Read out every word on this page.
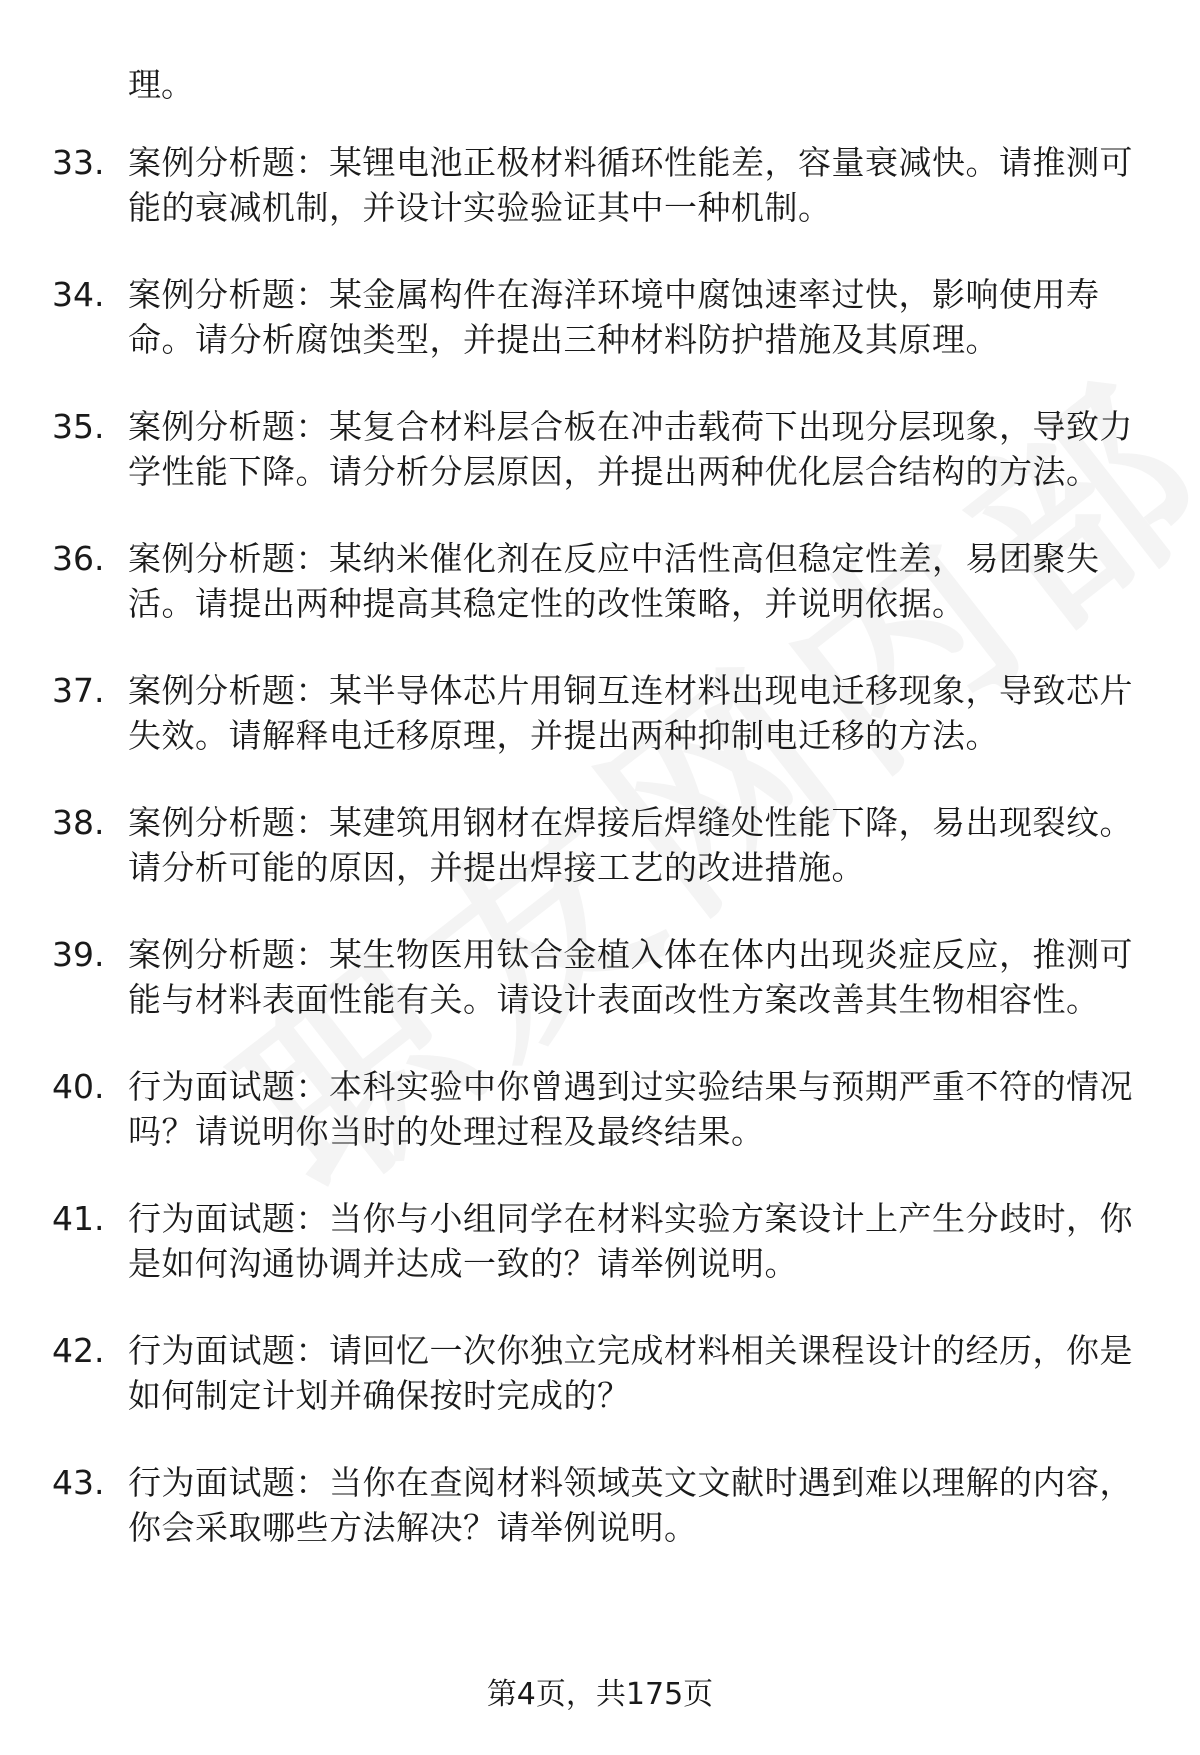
理。
33. 案例分析题：某锂电池正极材料循环性能差，容量衰减快。请推测可能的衰减机制，并设计实验验证其中一种机制。
34. 案例分析题：某金属构件在海洋环境中腐蚀速率过快，影响使用寿命。请分析腐蚀类型，并提出三种材料防护措施及其原理。
35. 案例分析题：某复合材料层合板在冲击载荷下出现分层现象，导致力学性能下降。请分析分层原因，并提出两种优化层合结构的方法。
36. 案例分析题：某纳米催化剂在反应中活性高但稳定性差，易团聚失活。请提出两种提高其稳定性的改性策略，并说明依据。
37. 案例分析题：某半导体芯片用铜互连材料出现电迁移现象，导致芯片失效。请解释电迁移原理，并提出两种抑制电迁移的方法。
38. 案例分析题：某建筑用钢材在焊接后焊缝处性能下降，易出现裂纹。请分析可能的原因，并提出焊接工艺的改进措施。
39. 案例分析题：某生物医用钛合金植入体在体内出现炎症反应，推测可能与材料表面性能有关。请设计表面改性方案改善其生物相容性。
40. 行为面试题：本科实验中你曾遇到过实验结果与预期严重不符的情况吗？请说明你当时的处理过程及最终结果。
41. 行为面试题：当你与小组同学在材料实验方案设计上产生分歧时，你是如何沟通协调并达成一致的？请举例说明。
42. 行为面试题：请回忆一次你独立完成材料相关课程设计的经历，你是如何制定计划并确保按时完成的？
43. 行为面试题：当你在查阅材料领域英文文献时遇到难以理解的内容，你会采取哪些方法解决？请举例说明。
第4页，共175页
